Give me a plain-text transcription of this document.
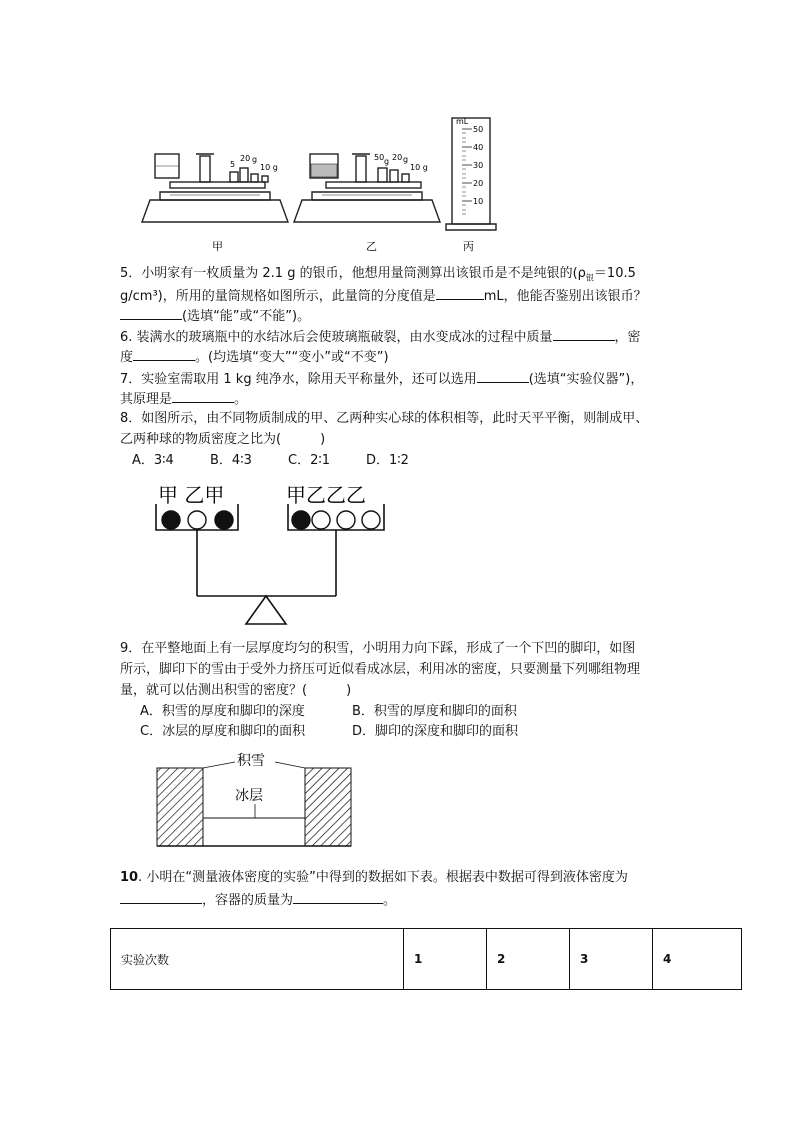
5
20 g
10 g
甲
50 g 20 g
10 g
乙
mL
50
40
30
20
10
丙
5．小明家有一枚质量为 2.1 g 的银币，他想用量筒测算出该银币是不是纯银的($\rho_银=10.5$
g/cm³)，所用的量筒规格如图所示，此量筒的分度值是	mL，他能否鉴别出该银币？
(选填“能”或“不能”)。
6. 装满水的玻璃瓶中的水结冰后会使玻璃瓶破裂，由水变成冰的过程中质量	，密
度	。(均选填“变大”“变小”或“不变”)
7．实验室需取用 1 kg 纯净水，除用天平称量外，还可以选用	(选填“实验仪器”)，
其原理是	。
8．如图所示，由不同物质制成的甲、乙两种实心球的体积相等，此时天平平衡，则制成甲、
乙两种球的物质密度之比为(　　　)
A．3∶4	B．4∶3	C．2∶1	D．1∶2
甲 乙甲	甲乙乙乙
9．在平整地面上有一层厚度均匀的积雪，小明用力向下踩，形成了一个下凹的脚印，如图
所示，脚印下的雪由于受外力挤压可近似看成冰层，利用冰的密度，只要测量下列哪组物理
量，就可以估测出积雪的密度？(　　　)
A．积雪的厚度和脚印的深度	B．积雪的厚度和脚印的面积
C．冰层的厚度和脚印的面积	D．脚印的深度和脚印的面积
积雪
冰层
10. 小明在“测量液体密度的实验”中得到的数据如下表。根据表中数据可得到液体密度为
，容器的质量为	。
实验次数	1	2	3	4
